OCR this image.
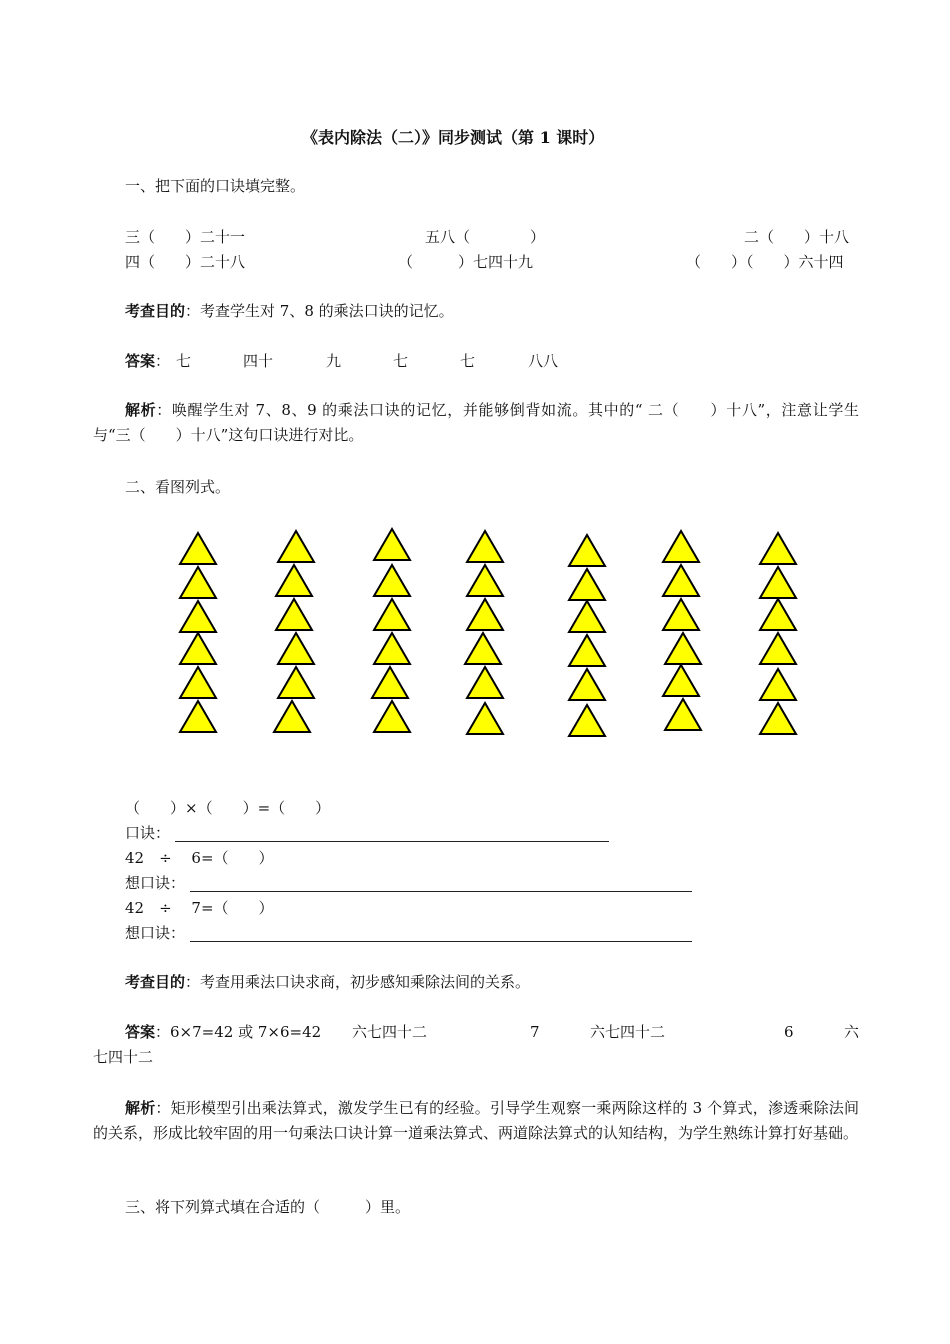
《表内除法（二）》同步测试（第 1 课时）
一、把下面的口诀填完整。
三（　　）二十一	五八（　　　　）	二（　　）十八
四（　　）二十八	（　　　）七四十九	（　　）（　　）六十四
考查目的：考查学生对 7、8 的乘法口诀的记忆。
答案： 七	四十	九	七	七	八八
解析：唤醒学生对 7、8、9 的乘法口诀的记忆，并能够倒背如流。其中的“ 二（　　）十八”，注意让学生与“三（　　）十八”这句口诀进行对比。
二、看图列式。
（　　）×（　　）=（　　）
口诀：
42　÷　 6=（　　）
想口诀：
42　÷　 7=（　　）
想口诀：
考查目的：考查用乘法口诀求商，初步感知乘除法间的关系。
答案：6×7=42 或 7×6=42 六七四十二	7	六七四十二	6	六
七四十二
解析：矩形模型引出乘法算式，激发学生已有的经验。引导学生观察一乘两除这样的 3 个算式，渗透乘除法间的关系，形成比较牢固的用一句乘法口诀计算一道乘法算式、两道除法算式的认知结构，为学生熟练计算打好基础。
三、将下列算式填在合适的（　　　）里。
